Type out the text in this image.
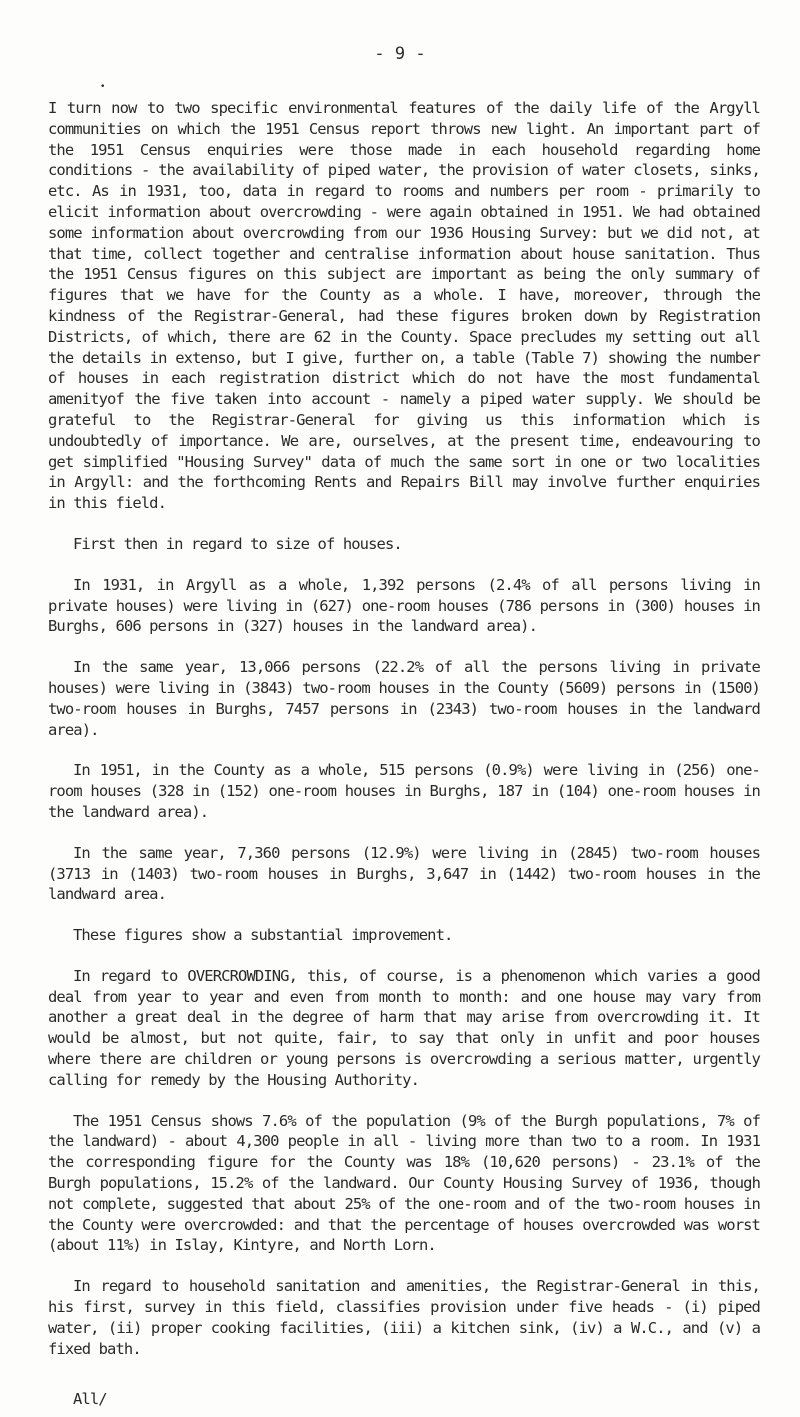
- 9 -
•

I turn now to two specific environmental features of the daily life of the Argyll communities on which the 1951 Census report throws new light. An important part of the 1951 Census enquiries were those made in each household regarding home conditions - the availability of piped water, the provision of water closets, sinks, etc. As in 1931, too, data in regard to rooms and numbers per room - primarily to elicit information about overcrowding - were again obtained in 1951. We had obtained some information about overcrowding from our 1936 Housing Survey: but we did not, at that time, collect together and centralise information about house sanitation. Thus the 1951 Census figures on this subject are important as being the only summary of figures that we have for the County as a whole. I have, moreover, through the kindness of the Registrar-General, had these figures broken down by Registration Districts, of which, there are 62 in the County. Space precludes my setting out all the details in extenso, but I give, further on, a table (Table 7) showing the number of houses in each registration district which do not have the most fundamental amenityof the five taken into account - namely a piped water supply. We should be grateful to the Registrar-General for giving us this information which is undoubtedly of importance. We are, ourselves, at the present time, endeavouring to get simplified "Housing Survey" data of much the same sort in one or two localities in Argyll: and the forthcoming Rents and Repairs Bill may involve further enquiries in this field.

First then in regard to size of houses.

In 1931, in Argyll as a whole, 1,392 persons (2.4% of all persons living in private houses) were living in (627) one-room houses (786 persons in (300) houses in Burghs, 606 persons in (327) houses in the landward area).

In the same year, 13,066 persons (22.2% of all the persons living in private houses) were living in (3843) two-room houses in the County (5609) persons in (1500) two-room houses in Burghs, 7457 persons in (2343) two-room houses in the landward area).

In 1951, in the County as a whole, 515 persons (0.9%) were living in (256) one-room houses (328 in (152) one-room houses in Burghs, 187 in (104) one-room houses in the landward area).

In the same year, 7,360 persons (12.9%) were living in (2845) two-room houses (3713 in (1403) two-room houses in Burghs, 3,647 in (1442) two-room houses in the landward area.

These figures show a substantial improvement.

In regard to OVERCROWDING, this, of course, is a phenomenon which varies a good deal from year to year and even from month to month: and one house may vary from another a great deal in the degree of harm that may arise from overcrowding it. It would be almost, but not quite, fair, to say that only in unfit and poor houses where there are children or young persons is overcrowding a serious matter, urgently calling for remedy by the Housing Authority.

The 1951 Census shows 7.6% of the population (9% of the Burgh populations, 7% of the landward) - about 4,300 people in all - living more than two to a room. In 1931 the corresponding figure for the County was 18% (10,620 persons) - 23.1% of the Burgh populations, 15.2% of the landward. Our County Housing Survey of 1936, though not complete, suggested that about 25% of the one-room and of the two-room houses in the County were overcrowded: and that the percentage of houses overcrowded was worst (about 11%) in Islay, Kintyre, and North Lorn.

In regard to household sanitation and amenities, the Registrar-General in this, his first, survey in this field, classifies provision under five heads - (i) piped water, (ii) proper cooking facilities, (iii) a kitchen sink, (iv) a W.C., and (v) a fixed bath.

All/
